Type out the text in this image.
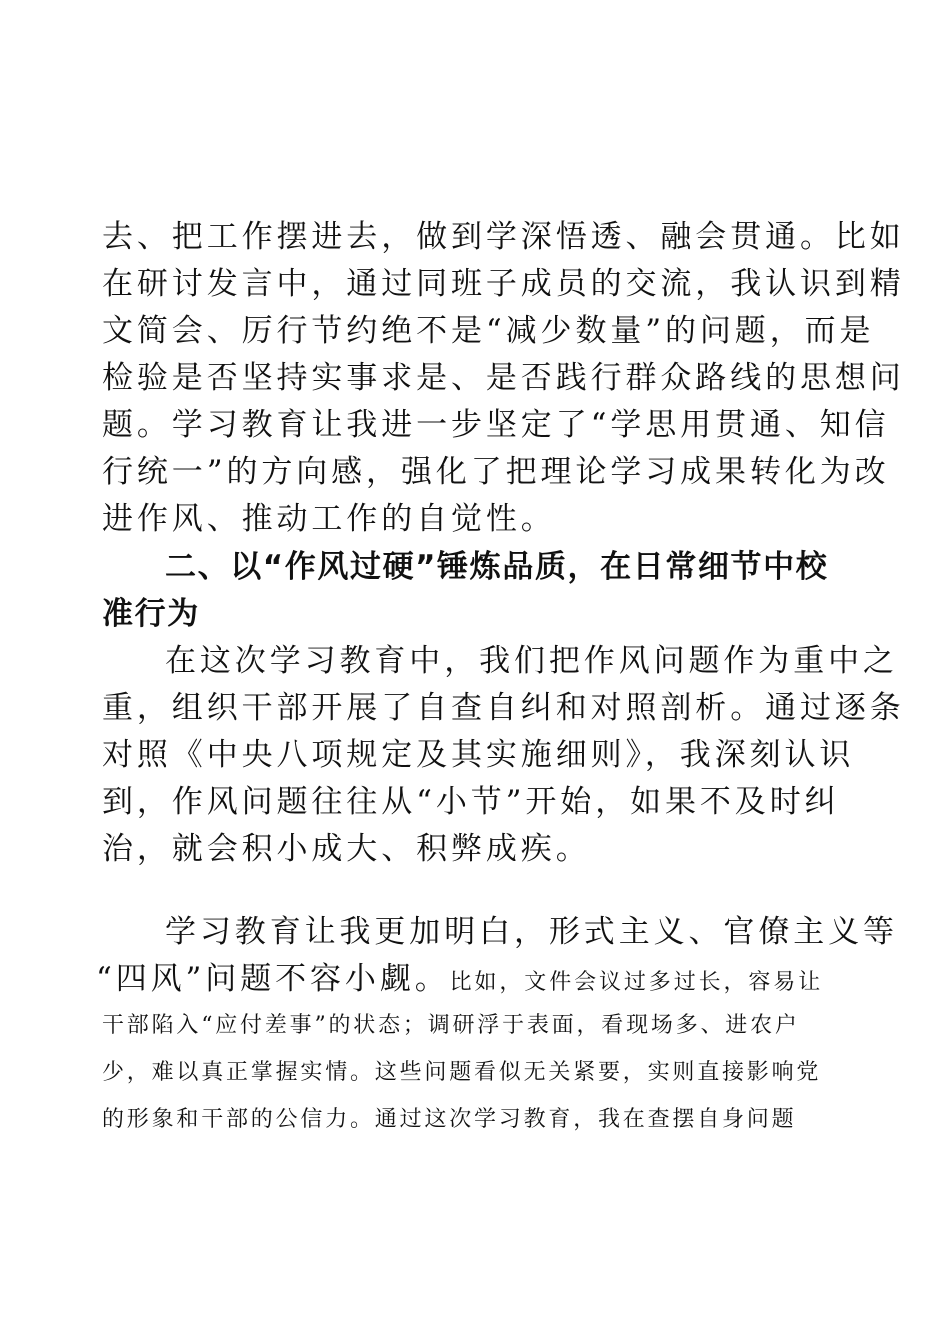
去、把工作摆进去，做到学深悟透、融会贯通。比如
在研讨发言中，通过同班子成员的交流，我认识到精
文简会、厉行节约绝不是“减少数量”的问题，而是
检验是否坚持实事求是、是否践行群众路线的思想问
题。学习教育让我进一步坚定了“学思用贯通、知信
行统一”的方向感，强化了把理论学习成果转化为改
进作风、推动工作的自觉性。
二、以“作风过硬”锤炼品质，在日常细节中校
准行为
在这次学习教育中，我们把作风问题作为重中之
重，组织干部开展了自查自纠和对照剖析。通过逐条
对照《中央八项规定及其实施细则》，我深刻认识
到，作风问题往往从“小节”开始，如果不及时纠
治，就会积小成大、积弊成疾。
学习教育让我更加明白，形式主义、官僚主义等
“四风”问题不容小觑。比如，文件会议过多过长，容易让
干部陷入“应付差事”的状态；调研浮于表面，看现场多、进农户
少，难以真正掌握实情。这些问题看似无关紧要，实则直接影响党
的形象和干部的公信力。通过这次学习教育，我在查摆自身问题
